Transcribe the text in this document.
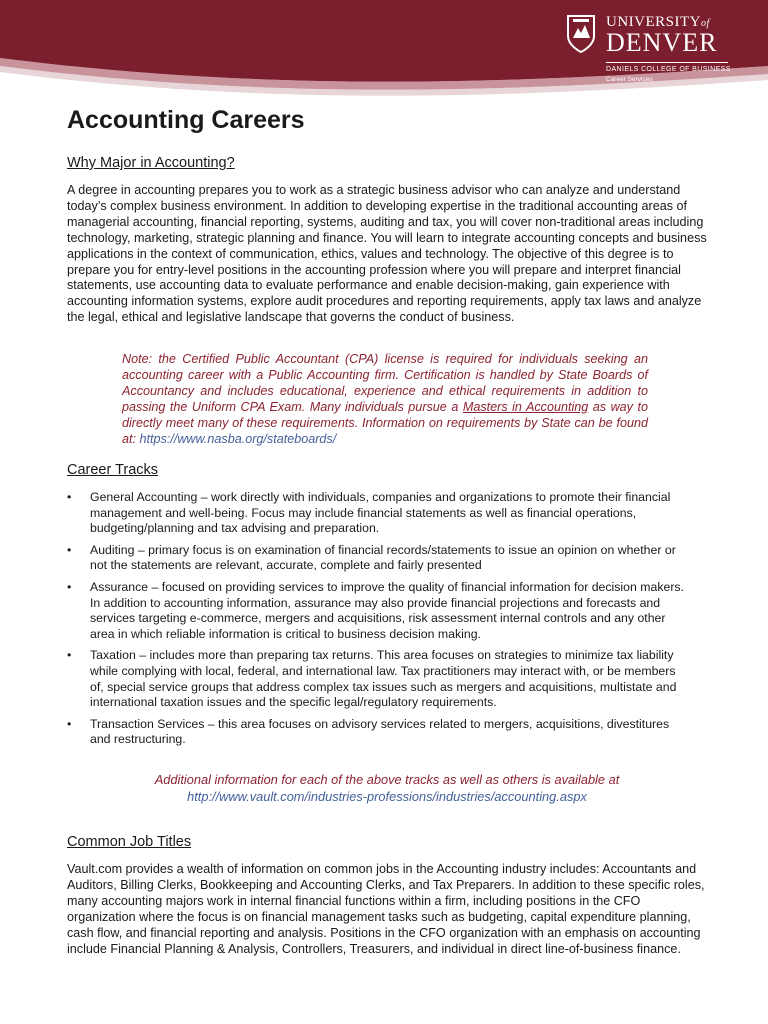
UNIVERSITYof
DENVER
DANIELS COLLEGE OF BUSINESS
Career Services
Accounting Careers
Why Major in Accounting?
A degree in accounting prepares you to work as a strategic business advisor who can analyze and understand today’s complex business environment. In addition to developing expertise in the traditional accounting areas of managerial accounting, financial reporting, systems, auditing and tax, you will cover non-traditional areas including technology, marketing, strategic planning and finance. You will learn to integrate accounting concepts and business applications in the context of communication, ethics, values and technology. The objective of this degree is to prepare you for entry-level positions in the accounting profession where you will prepare and interpret financial statements, use accounting data to evaluate performance and enable decision-making, gain experience with accounting information systems, explore audit procedures and reporting requirements, apply tax laws and analyze the legal, ethical and legislative landscape that governs the conduct of business.
Note: the Certified Public Accountant (CPA) license is required for individuals seeking an accounting career with a Public Accounting firm. Certification is handled by State Boards of Accountancy and includes educational, experience and ethical requirements in addition to passing the Uniform CPA Exam. Many individuals pursue a Masters in Accounting as way to directly meet many of these requirements. Information on requirements by State can be found at: https://www.nasba.org/stateboards/
Career Tracks
• General Accounting – work directly with individuals, companies and organizations to promote their financial management and well-being. Focus may include financial statements as well as financial operations, budgeting/planning and tax advising and preparation.
• Auditing – primary focus is on examination of financial records/statements to issue an opinion on whether or not the statements are relevant, accurate, complete and fairly presented
• Assurance – focused on providing services to improve the quality of financial information for decision makers. In addition to accounting information, assurance may also provide financial projections and forecasts and services targeting e-commerce, mergers and acquisitions, risk assessment internal controls and any other area in which reliable information is critical to business decision making.
• Taxation – includes more than preparing tax returns. This area focuses on strategies to minimize tax liability while complying with local, federal, and international law. Tax practitioners may interact with, or be members of, special service groups that address complex tax issues such as mergers and acquisitions, multistate and international taxation issues and the specific legal/regulatory requirements.
• Transaction Services – this area focuses on advisory services related to mergers, acquisitions, divestitures and restructuring.
Additional information for each of the above tracks as well as others is available at
http://www.vault.com/industries-professions/industries/accounting.aspx
Common Job Titles
Vault.com provides a wealth of information on common jobs in the Accounting industry includes: Accountants and Auditors, Billing Clerks, Bookkeeping and Accounting Clerks, and Tax Preparers. In addition to these specific roles, many accounting majors work in internal financial functions within a firm, including positions in the CFO organization where the focus is on financial management tasks such as budgeting, capital expenditure planning, cash flow, and financial reporting and analysis. Positions in the CFO organization with an emphasis on accounting include Financial Planning & Analysis, Controllers, Treasurers, and individual in direct line-of-business finance.
